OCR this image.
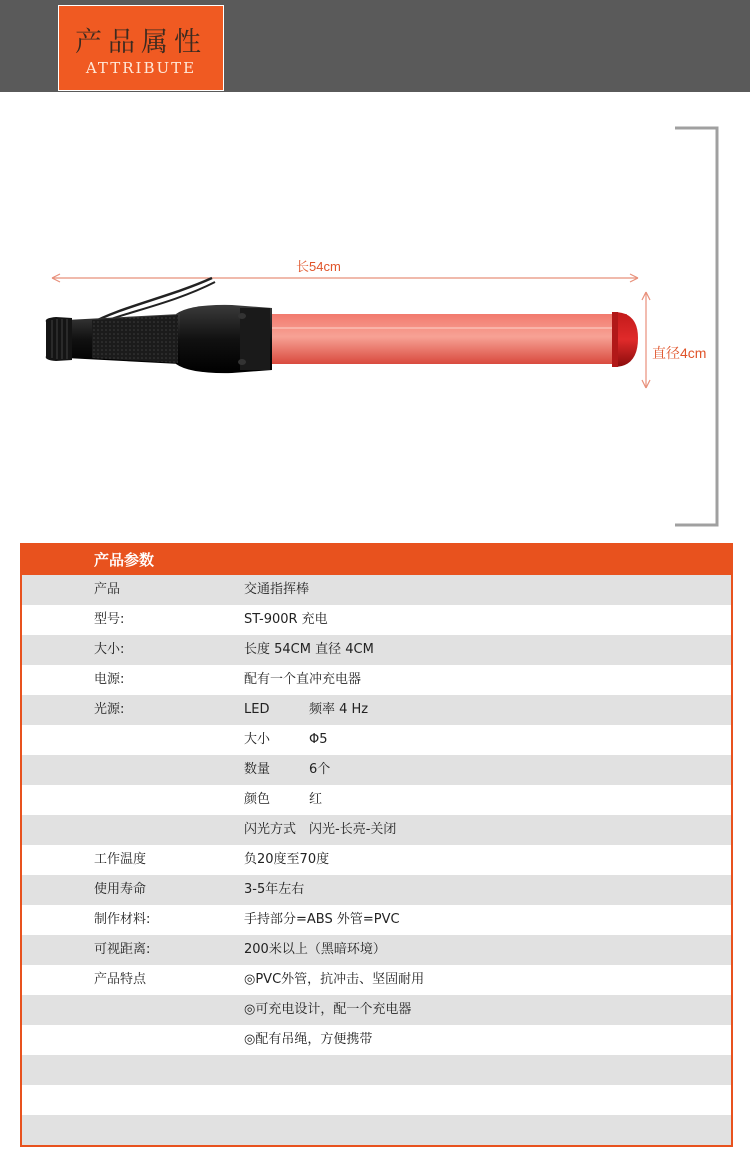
产品属性
ATTRIBUTE
长54cm
直径4cm
产品参数
产品	交通指挥棒
型号:	ST-900R 充电
大小:	长度 54CM 直径 4CM
电源:	配有一个直冲充电器
光源:	LED	频率 4 Hz
大小	Φ5
数量	6个
颜色	红
闪光方式 闪光-长亮-关闭
工作温度	负20度至70度
使用寿命	3-5年左右
制作材料:	手持部分=ABS 外管=PVC
可视距离:	200米以上（黑暗环境）
产品特点	◎PVC外管，抗冲击、坚固耐用
◎可充电设计，配一个充电器
◎配有吊绳，方便携带
